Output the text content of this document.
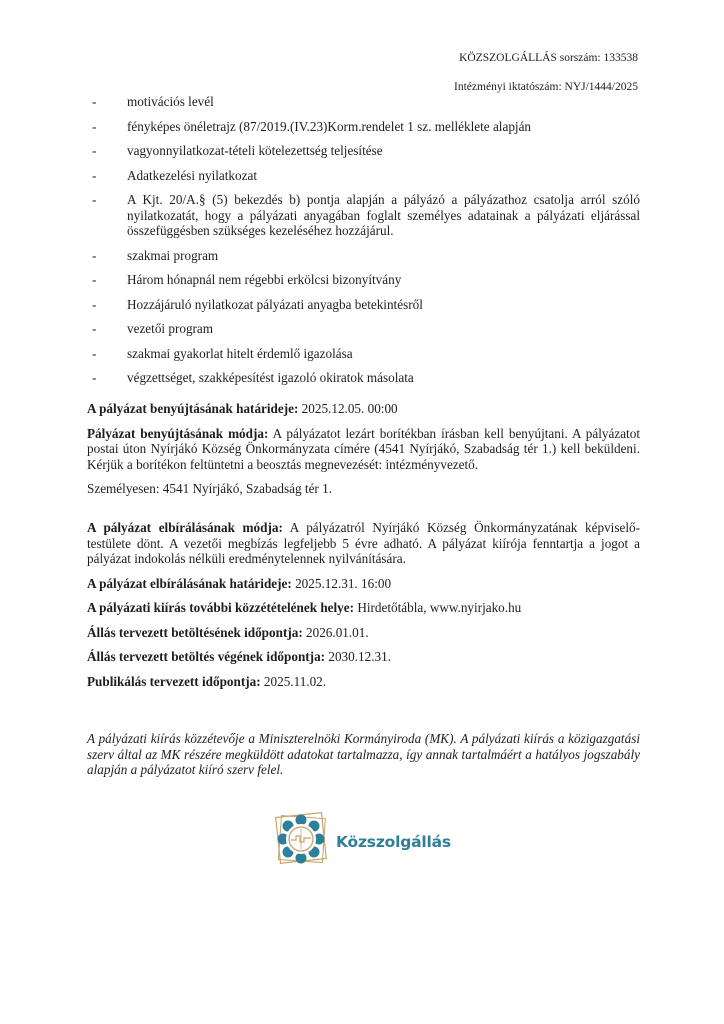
KÖZSZOLGÁLLÁS sorszám: 133538
Intézményi iktatószám: NYJ/1444/2025
- motivációs levél
- fényképes önéletrajz (87/2019.(IV.23)Korm.rendelet 1 sz. melléklete alapján
- vagyonnyilatkozat-tételi kötelezettség teljesítése
- Adatkezelési nyilatkozat
- A Kjt. 20/A.§ (5) bekezdés b) pontja alapján a pályázó a pályázathoz csatolja arról szóló nyilatkozatát, hogy a pályázati anyagában foglalt személyes adatainak a pályázati eljárással összefüggésben szükséges kezeléséhez hozzájárul.
- szakmai program
- Három hónapnál nem régebbi erkölcsi bizonyítvány
- Hozzájáruló nyilatkozat pályázati anyagba betekintésről
- vezetői program
- szakmai gyakorlat hitelt érdemlő igazolása
- végzettséget, szakképesítést igazoló okiratok másolata

A pályázat benyújtásának határideje: 2025.12.05. 00:00

Pályázat benyújtásának módja: A pályázatot lezárt borítékban írásban kell benyújtani. A pályázatot postai úton Nyírjákó Község Önkormányzata címére (4541 Nyírjákó, Szabadság tér 1.) kell beküldeni. Kérjük a borítékon feltüntetni a beosztás megnevezését: intézményvezető.

Személyesen: 4541 Nyírjákó, Szabadság tér 1.

A pályázat elbírálásának módja: A pályázatról Nyírjákó Község Önkormányzatának képviselő-testülete dönt. A vezetői megbízás legfeljebb 5 évre adható. A pályázat kiírója fenntartja a jogot a pályázat indokolás nélküli eredménytelennek nyilvánítására.

A pályázat elbírálásának határideje: 2025.12.31. 16:00

A pályázati kiírás további közzétételének helye: Hirdetőtábla, www.nyirjako.hu

Állás tervezett betöltésének időpontja: 2026.01.01.

Állás tervezett betöltés végének időpontja: 2030.12.31.

Publikálás tervezett időpontja: 2025.11.02.

A pályázati kiírás közzétevője a Miniszterelnöki Kormányiroda (MK). A pályázati kiírás a közigazgatási szerv által az MK részére megküldött adatokat tartalmazza, így annak tartalmáért a hatályos jogszabály alapján a pályázatot kiíró szerv felel.
Közszolgállás
